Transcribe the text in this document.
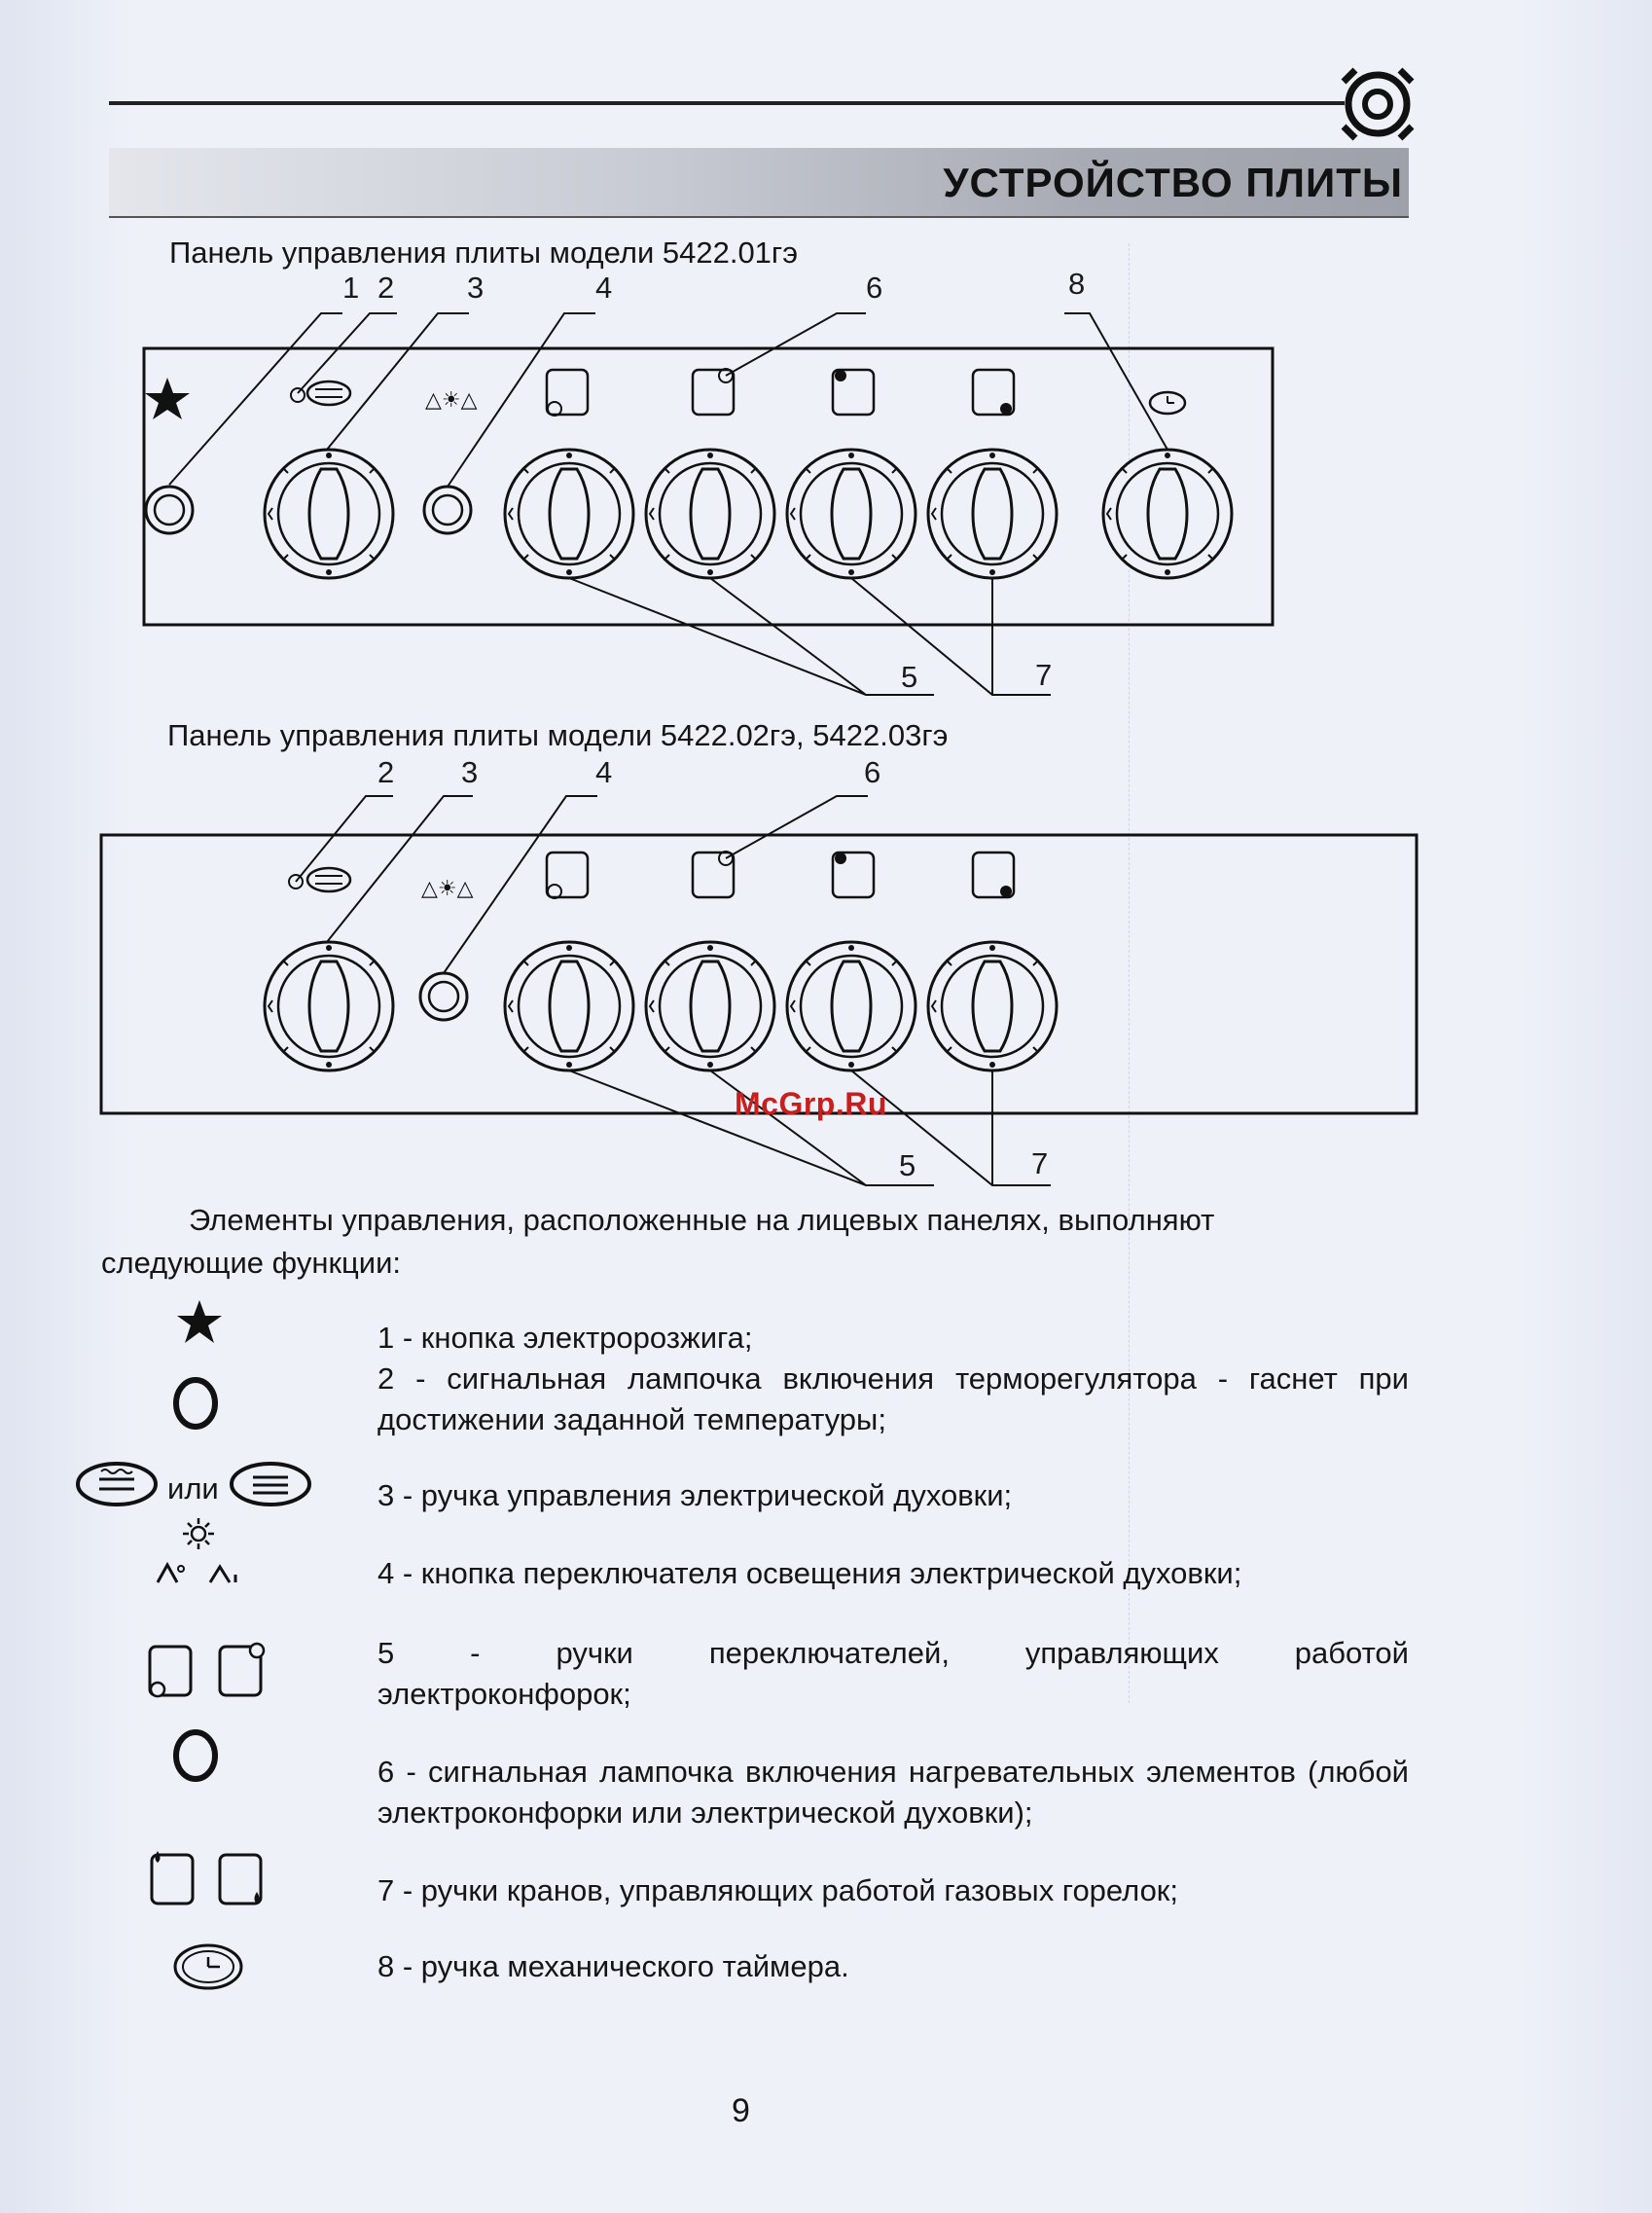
УСТРОЙСТВО ПЛИТЫ
Панель управления плиты модели 5422.01гэ
Панель управления плиты модели 5422.02гэ, 5422.03гэ
△☀△
△☀△
1 2 3	4	6	8
5	7
2 3	4	6
5	7
McGrp.Ru
Элементы управления, расположенные на лицевых панелях, выполняют
следующие функции:
или
1 - кнопка электророзжига;
2 - сигнальная лампочка включения терморегулятора - гаснет при достижении заданной температуры;
3 - ручка управления электрической духовки;
4 - кнопка переключателя освещения электрической духовки;
5 - ручки переключателей, управляющих работой электроконфорок;
6 - сигнальная лампочка включения нагревательных элементов (любой электроконфорки или электрической духовки);
7 - ручки кранов, управляющих работой газовых горелок;
8 - ручка механического таймера.
9
